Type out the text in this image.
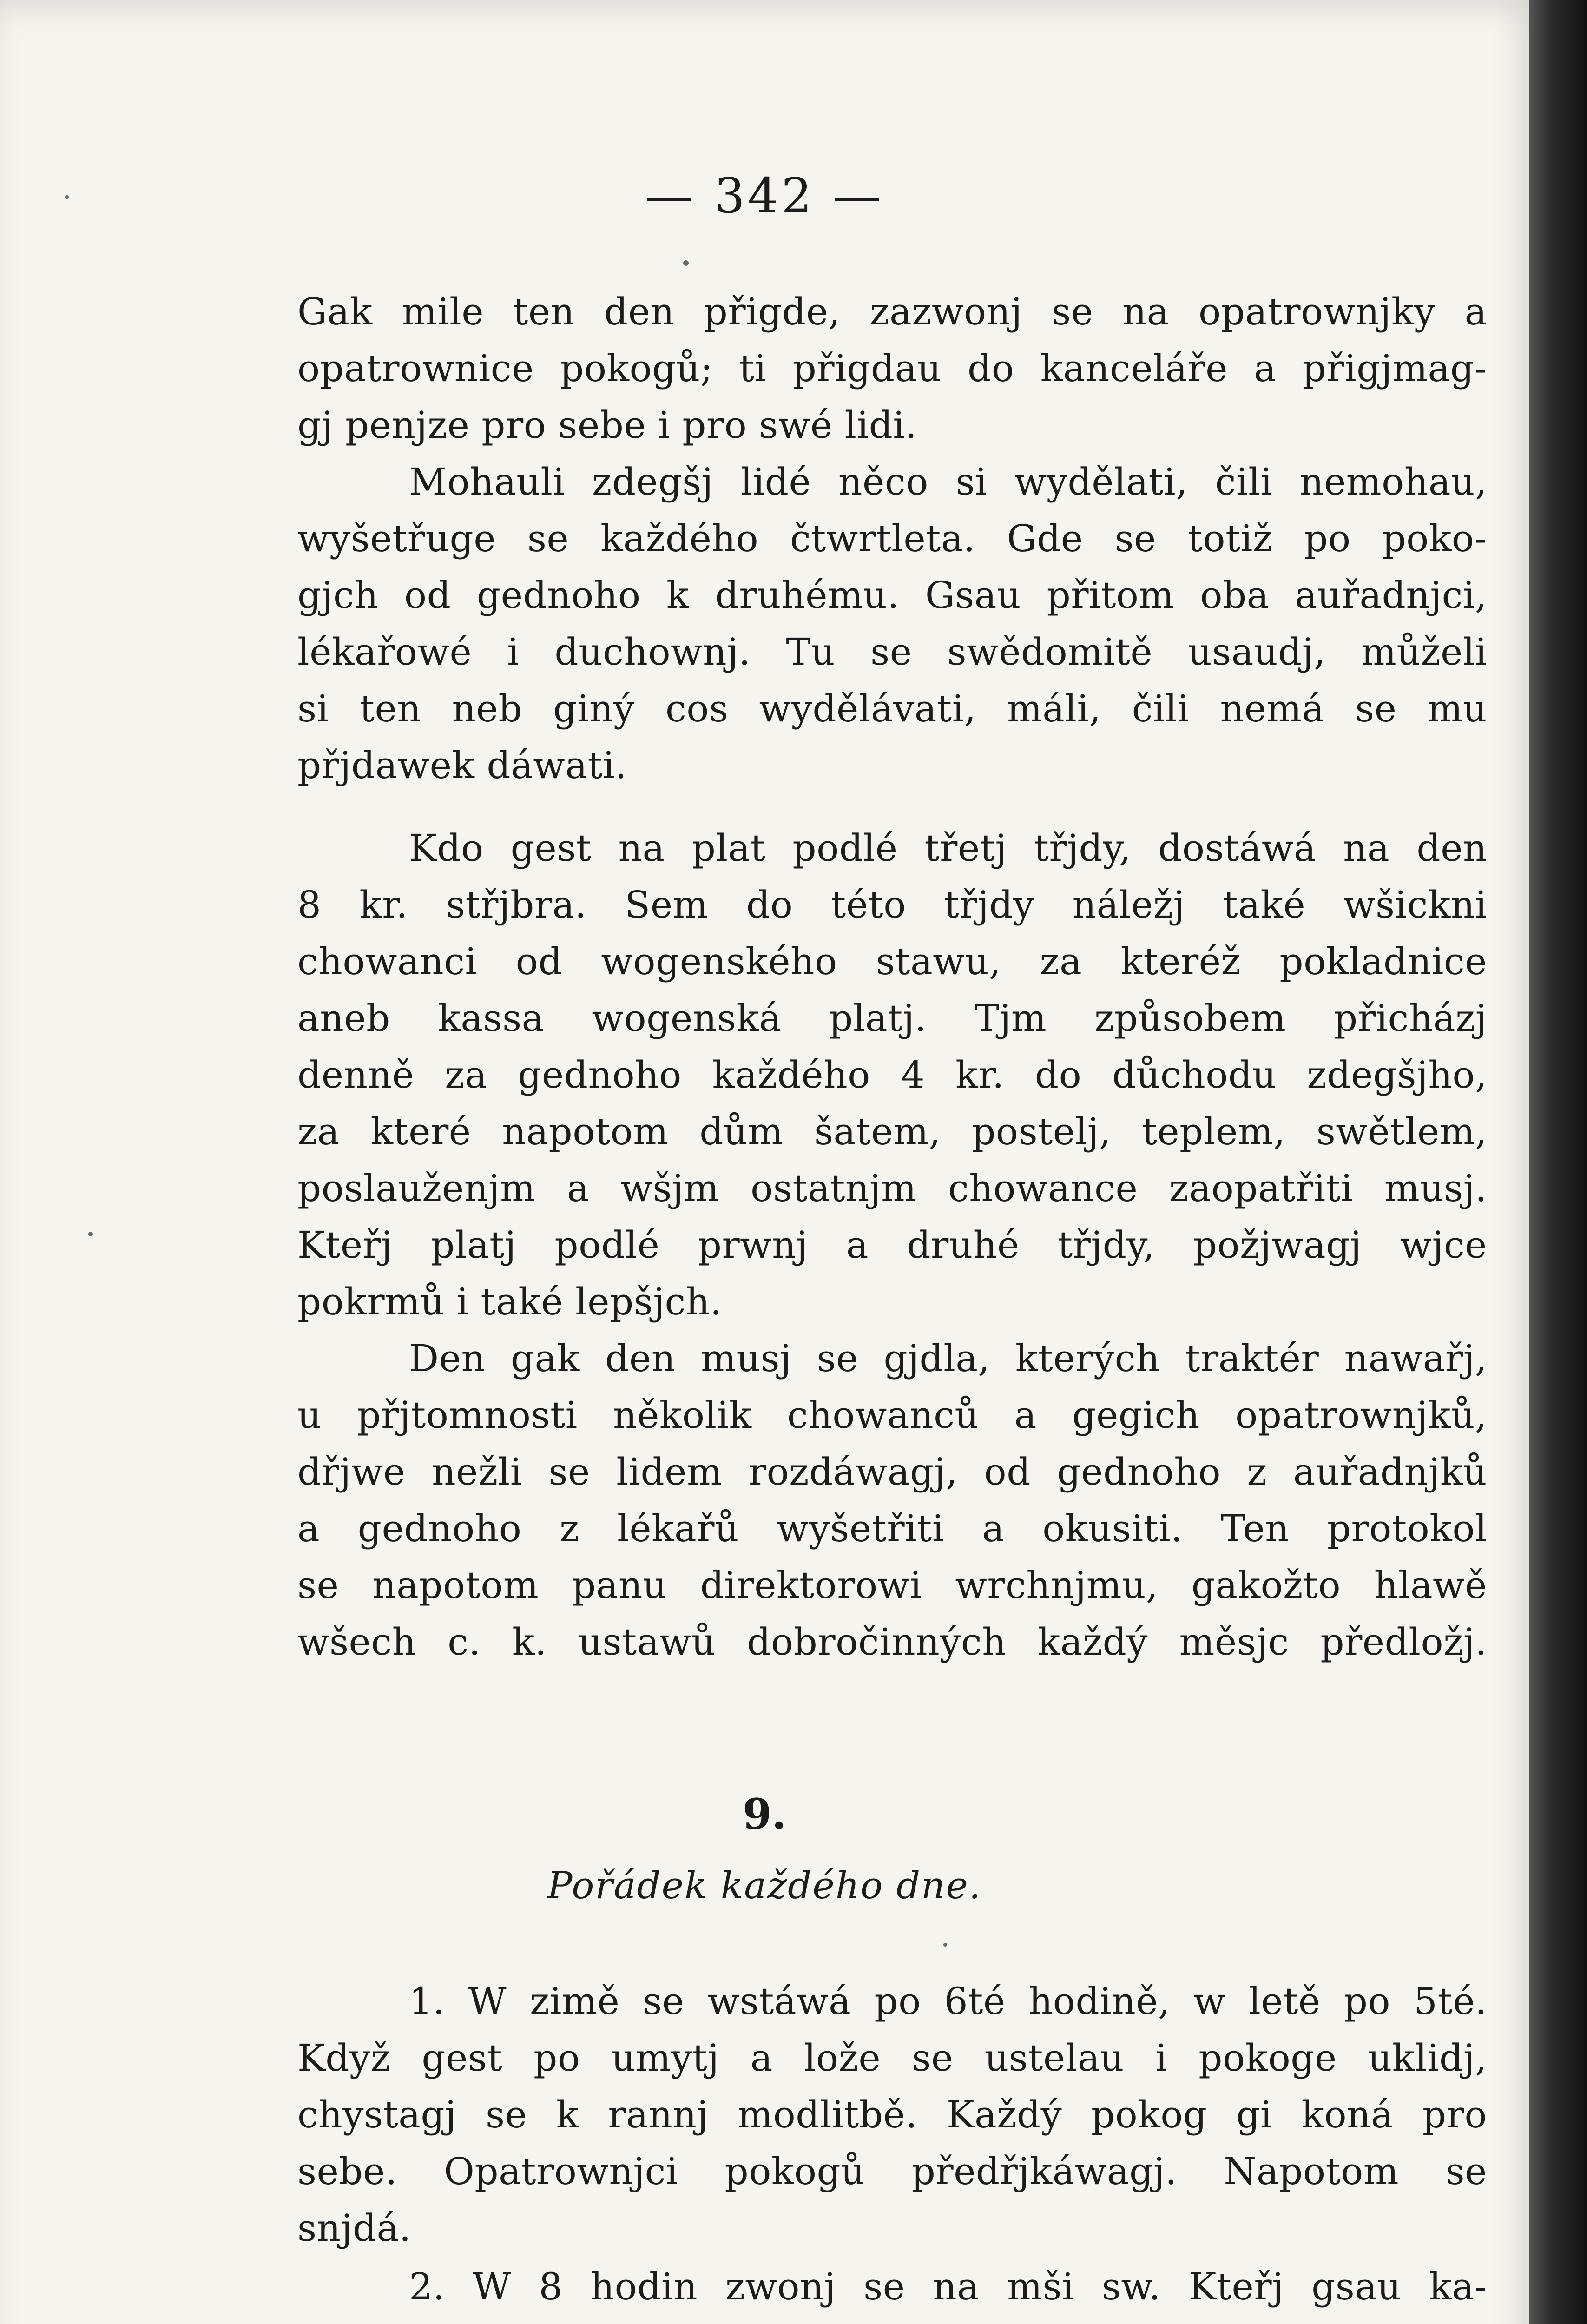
— 342 —
Gak mile ten den přigde, zazwonj se na opatrownjky a
opatrownice pokogů; ti přigdau do kanceláře a přigjmag-
gj penjze pro sebe i pro swé lidi.
Mohauli zdegšj lidé něco si wydělati, čili nemohau,
wyšetřuge se každého čtwrtleta. Gde se totiž po poko-
gjch od gednoho k druhému. Gsau přitom oba auřadnjci,
lékařowé i duchownj. Tu se swědomitě usaudj, můželi
si ten neb giný cos wydělávati, máli, čili nemá se mu
přjdawek dáwati.
Kdo gest na plat podlé třetj třjdy, dostáwá na den
8 kr. střjbra. Sem do této třjdy náležj také wšickni
chowanci od wogenského stawu, za kteréž pokladnice
aneb kassa wogenská platj. Tjm způsobem přicházj
denně za gednoho každého 4 kr. do důchodu zdegšjho,
za které napotom dům šatem, postelj, teplem, swětlem,
poslauženjm a wšjm ostatnjm chowance zaopatřiti musj.
Kteřj platj podlé prwnj a druhé třjdy, požjwagj wjce
pokrmů i také lepšjch.
Den gak den musj se gjdla, kterých traktér nawařj,
u přjtomnosti několik chowanců a gegich opatrownjků,
dřjwe nežli se lidem rozdáwagj, od gednoho z auřadnjků
a gednoho z lékařů wyšetřiti a okusiti. Ten protokol
se napotom panu direktorowi wrchnjmu, gakožto hlawě
wšech c. k. ustawů dobročinných každý měsjc předložj.
9.
Pořádek každého dne.
1. W zimě se wstáwá po 6té hodině, w letě po 5té.
Když gest po umytj a lože se ustelau i pokoge uklidj,
chystagj se k rannj modlitbě. Každý pokog gi koná pro
sebe. Opatrownjci pokogů předřjkáwagj. Napotom se
snjdá.
2. W 8 hodin zwonj se na mši sw. Kteřj gsau ka-
